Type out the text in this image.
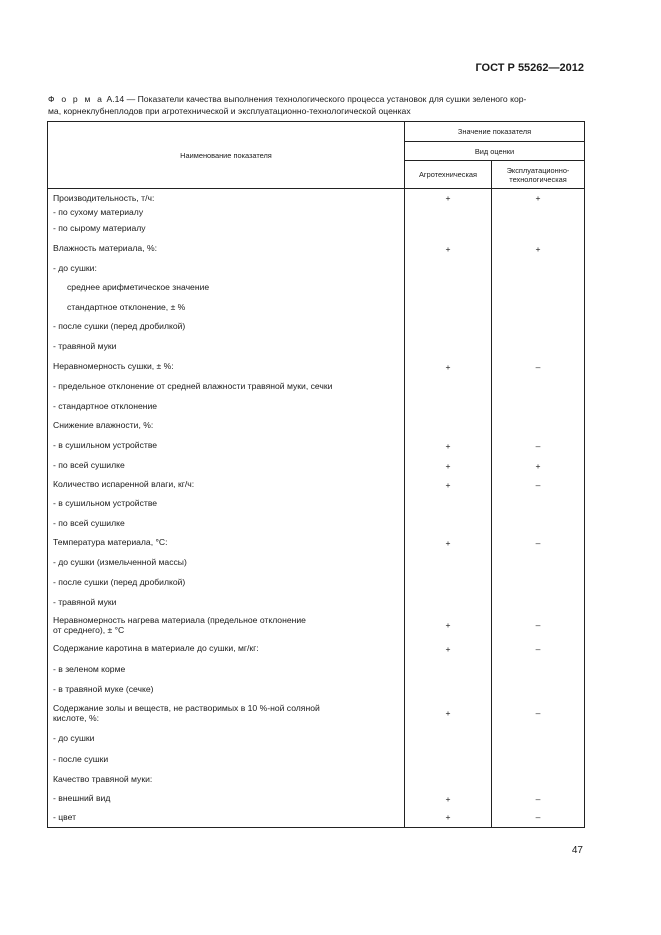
ГОСТ Р 55262—2012
Ф о р м а А.14 — Показатели качества выполнения технологического процесса установок для сушки зеленого кор-
ма, корнеклубнеплодов при агротехнической и эксплуатационно-технологической оценках
Наименование показателя	Значение показателя	
	Вид оценки	
	Агротехническая	Эксплуатационно-
технологическая
Производительность, т/ч:	+	+
- по сухому материалу		
- по сырому материалу		
Влажность материала, %:	+	+
- до сушки:		
среднее арифметическое значение		
стандартное отклонение, ± %		
- после сушки (перед дробилкой)		
- травяной муки		
Неравномерность сушки, ± %:	+	–
- предельное отклонение от средней влажности травяной муки, сечки		
- стандартное отклонение		
Снижение влажности, %:		
- в сушильном устройстве	+	–
- по всей сушилке	+	+
Количество испаренной влаги, кг/ч:	+	–
- в сушильном устройстве		
- по всей сушилке		
Температура материала, °С:	+	–
- до сушки (измельченной массы)		
- после сушки (перед дробилкой)		
- травяной муки		
Неравномерность нагрева материала (предельное отклонение
от среднего), ± °С	+	–
Содержание каротина в материале до сушки, мг/кг:	+	–
- в зеленом корме		
- в травяной муке (сечке)		
Содержание золы и веществ, не растворимых в 10 %-ной соляной
кислоте, %:	+	–
- до сушки		
- после сушки		
Качество травяной муки:		
- внешний вид	+	–
- цвет	+	–
47
